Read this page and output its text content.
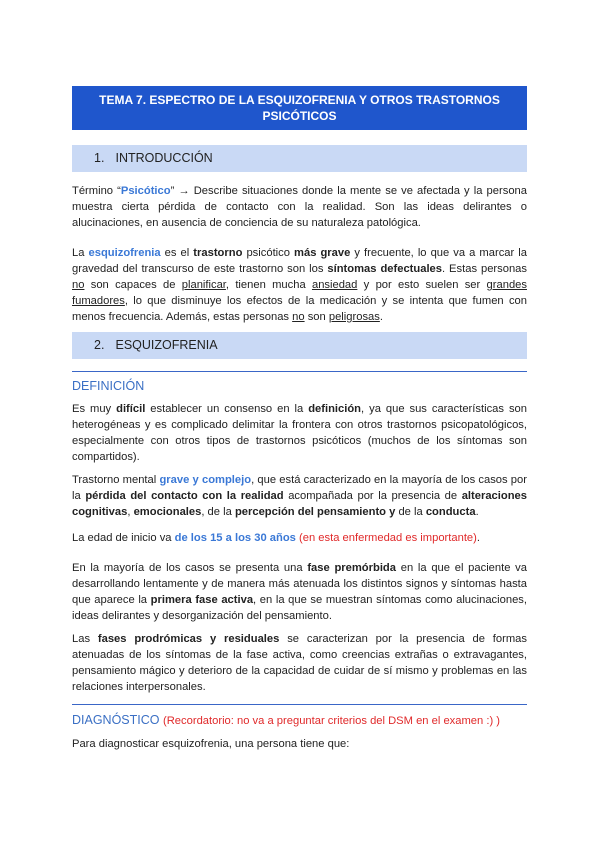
TEMA 7. ESPECTRO DE LA ESQUIZOFRENIA Y OTROS TRASTORNOS PSICÓTICOS
1. INTRODUCCIÓN

Término “Psicótico” → Describe situaciones donde la mente se ve afectada y la persona muestra cierta pérdida de contacto con la realidad. Son las ideas delirantes o alucinaciones, en ausencia de conciencia de su naturaleza patológica.

La esquizofrenia es el trastorno psicótico más grave y frecuente, lo que va a marcar la gravedad del transcurso de este trastorno son los síntomas defectuales. Estas personas no son capaces de planificar, tienen mucha ansiedad y por esto suelen ser grandes fumadores, lo que disminuye los efectos de la medicación y se intenta que fumen con menos frecuencia. Además, estas personas no son peligrosas.

2. ESQUIZOFRENIA
DEFINICIÓN

Es muy difícil establecer un consenso en la definición, ya que sus características son heterogéneas y es complicado delimitar la frontera con otros trastornos psicopatológicos, especialmente con otros tipos de trastornos psicóticos (muchos de los síntomas son compartidos).

Trastorno mental grave y complejo, que está caracterizado en la mayoría de los casos por la pérdida del contacto con la realidad acompañada por la presencia de alteraciones cognitivas, emocionales, de la percepción del pensamiento y de la conducta.

La edad de inicio va de los 15 a los 30 años (en esta enfermedad es importante).

En la mayoría de los casos se presenta una fase premórbida en la que el paciente va desarrollando lentamente y de manera más atenuada los distintos signos y síntomas hasta que aparece la primera fase activa, en la que se muestran síntomas como alucinaciones, ideas delirantes y desorganización del pensamiento.

Las fases prodrómicas y residuales se caracterizan por la presencia de formas atenuadas de los síntomas de la fase activa, como creencias extrañas o extravagantes, pensamiento mágico y deterioro de la capacidad de cuidar de sí mismo y problemas en las relaciones interpersonales.

DIAGNÓSTICO (Recordatorio: no va a preguntar criterios del DSM en el examen :) )

Para diagnosticar esquizofrenia, una persona tiene que:
